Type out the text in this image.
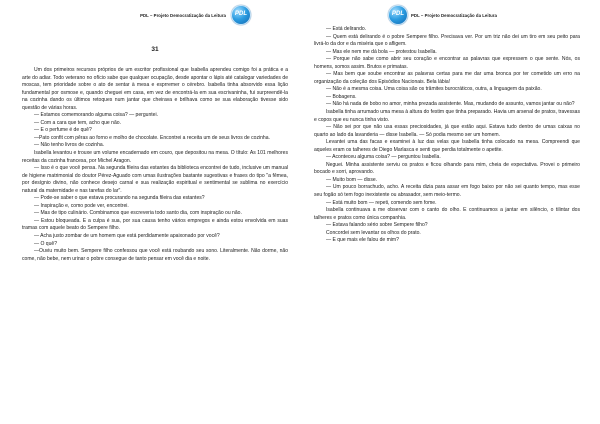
PDL – Projeto Democratização da Leitura	PDL
31

Um dos primeiros recursos próprios de um escritor profissional que Isabella aprendeu comigo foi a prática e a arte do adiar. Todo veterano no ofício sabe que qualquer ocupação, desde apontar o lápis até catalogar variedades de moscas, tem prioridade sobre o ato de sentar à mesa e esprremer o cérebro. Isabella tinha absorvido essa lição fundamental por osmose e, quando cheguei em casa, em vez de encontrá-la em sua escrivaninha, fui surpreendê-la na cozinha dando os últimos retoques num jantar que cheirava e brilhava como se sua elaboração tivesse sido questão de várias horas.

— Estamos comemorando alguma coisa? — perguntei.

— Com a cara que tem, acho que não.

— E o perfume é de quê?

—Pato confit com pêras ao forno e molho de chocolate. Encontrei a receita um de seus livros de cozinha.

— Não tenho livros de cozinha.

Isabella levantou e trouxe um volume encadernado em couro, que depositou na mesa. O título: As 101 melhores receitas da cozinha francesa, por Michel Aragon.

— Isso é o que você pensa. Na segunda fileira das estantes da biblioteca encontrei de tudo, inclusive um manual de higiene matrimonial do doutor Pérez-Aguado com umas ilustrações bastante sugestivas e frases do tipo "a fêmea, por desígnio divino, não conhece desejo carnal e sua realização espiritual e sentimental se sublima no exercício natural da maternidade e nas tarefas do lar".

— Pode-se saber o que estava procurando na segunda fileira das estantes?

— Inspiração e, como pode ver, encontrei.

— Mas de tipo culinário. Combinamos que escreveria todo santo dia, com inspiração ou não.

— Estou bloqueada. E a culpa é sua, por sua causa tenho vários empregos e ainda estou envolvida em suas tramas com aquele beato do Sempere filho.

— Acha justo zombar de um homem que está perdidamente apaixonado por você?

— O quê?

—Ouviu muito bem. Sempere filho confessou que você está roubando seu sono. Literalmente. Não dorme, não come, não bebe, nem urinar o pobre consegue de tanto pensar em você dia e noite.

PDL	PDL – Projeto Democratização da Leitura

— Está delirando.

— Quem está delirando é o pobre Sempere filho. Precisava ver. Por um triz não dei um tiro em seu peito para livrá-lo da dor e da miséria que o afligem.

— Mas ele nem me dá bola — protestou Isabella.

— Porque não sabe como abrir seu coração e encontrar as palavras que expressem o que sente. Nós, os homens, somos assim. Brutos e primatas.

— Mas bem que soube encontrar as palavras certas para me dar uma bronca por ter cometido um erro na organização da coleção dos Episódios Nacionais. Bela lábia!

— Não é a mesma coisa. Uma coisa são os trâmites burocráticos, outra, a linguagem da paixão.

— Bobagens.

— Não há nada de bobo no amor, minha prezada assistente. Mas, mudando de assunto, vamos jantar ou não?

Isabella tinha arrumado uma mesa à altura do festim que tinha preparado. Havia um arsenal de pratos, travessas e copos que eu nunca tinha visto.

— Não sei por que não usa essas preciosidades, já que estão aqui. Estava tudo dentro de umas caixas no quarto ao lado da lavanderia — disse Isabella. — Só podia mesmo ser um homem.

Levantei uma das facas e examinei à luz das velas que Isabella tinha colocado na mesa. Compreendi que aqueles eram os talheres de Diego Marlasca e senti que perdia totalmente o apetite.

— Aconteceu alguma coisa? — perguntou Isabella.

Neguei. Minha assistente serviu os pratos e ficou olhando para mim, cheia de expectativa. Provei o primeiro bocado e sorri, aprovando.

— Muito bom — disse.

— Um pouco borrachudo, acho. A receita dizia para assar em fogo baixo por não sei quanto tempo, mas esse seu fogão só tem fogo inexistente ou abrasador, sem meio-termo.

— Está muito bom — repeti, comendo sem fome.

Isabella continuava a me observar com o canto do olho. E continuamos a jantar em silêncio, o tilintar dos talheres e pratos como única companhia.

— Estava falando sério sobre Sempere filho?

Concordei sem levantar os olhos do prato.

— E que mais ele falou de mim?
